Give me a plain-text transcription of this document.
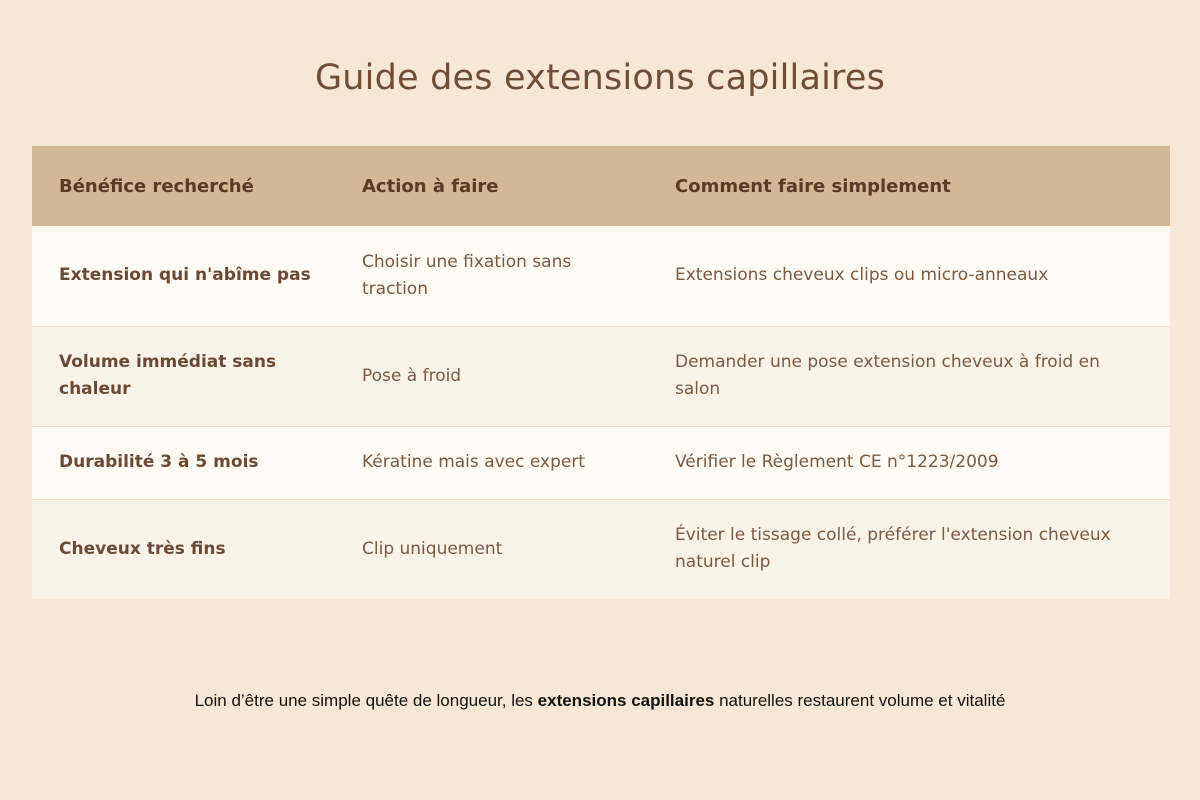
Guide des extensions capillaires
Bénéfice recherché	Action à faire	Comment faire simplement
Extension qui n'abîme pas	Choisir une fixation sans traction	Extensions cheveux clips ou micro-anneaux
Volume immédiat sans chaleur	Pose à froid	Demander une pose extension cheveux à froid en salon
Durabilité 3 à 5 mois	Kératine mais avec expert	Vérifier le Règlement CE n°1223/2009
Cheveux très fins	Clip uniquement	Éviter le tissage collé, préférer l'extension cheveux naturel clip

Loin d’être une simple quête de longueur, les extensions capillaires naturelles restaurent volume et vitalité
